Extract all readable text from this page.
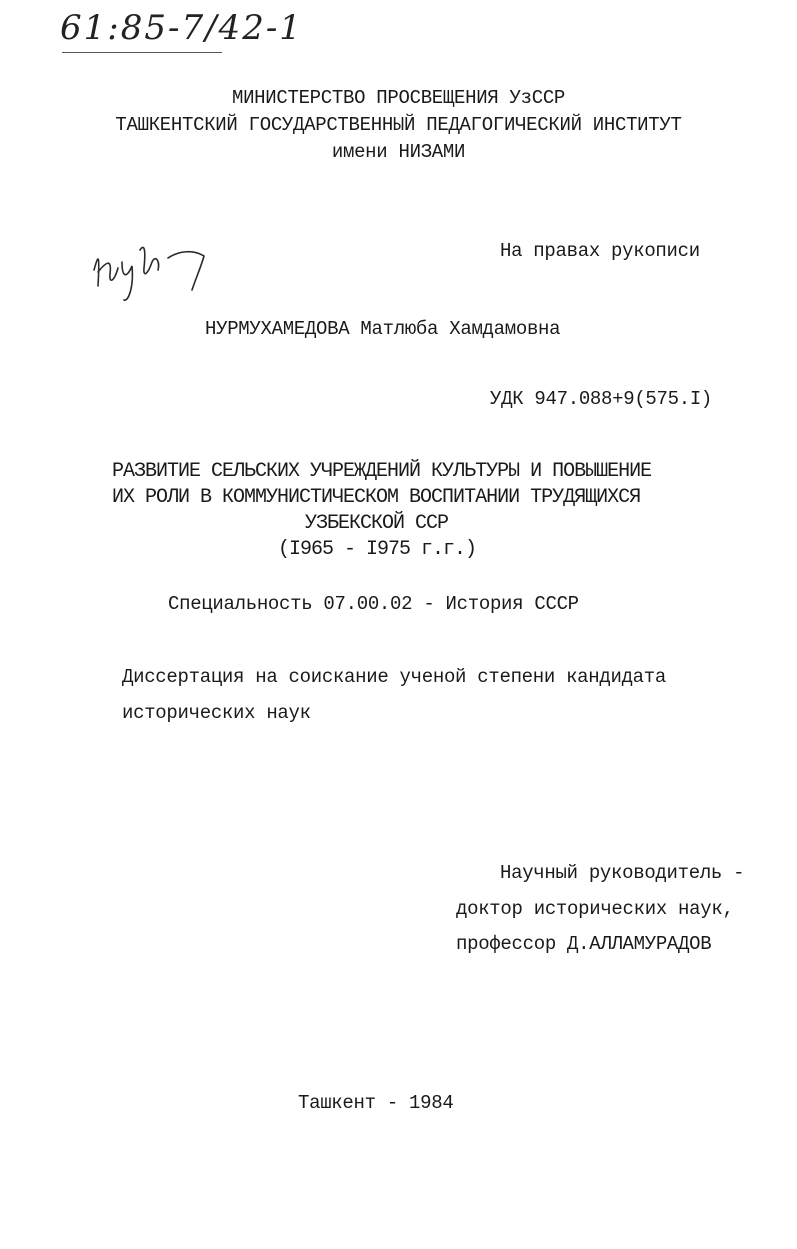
61:85-7/42-1
МИНИСТЕРСТВО ПРОСВЕЩЕНИЯ УзССР
ТАШКЕНТСКИЙ ГОСУДАРСТВЕННЫЙ ПЕДАГОГИЧЕСКИЙ ИНСТИТУТ
имени НИЗАМИ
На правах рукописи
НУРМУХАМЕДОВА Матлюба Хамдамовна
УДК 947.088+9(575.I)
РАЗВИТИЕ СЕЛЬСКИХ УЧРЕЖДЕНИЙ КУЛЬТУРЫ И ПОВЫШЕНИЕ
ИХ РОЛИ В КОММУНИСТИЧЕСКОМ ВОСПИТАНИИ ТРУДЯЩИХСЯ
УЗБЕКСКОЙ ССР
(I965 - I975 г.г.)
Специальность 07.00.02 - История СССР
Диссертация на соискание ученой степени кандидата
исторических наук
Научный руководитель -
доктор исторических наук,
профессор Д.АЛЛАМУРАДОВ
Ташкент - 1984
